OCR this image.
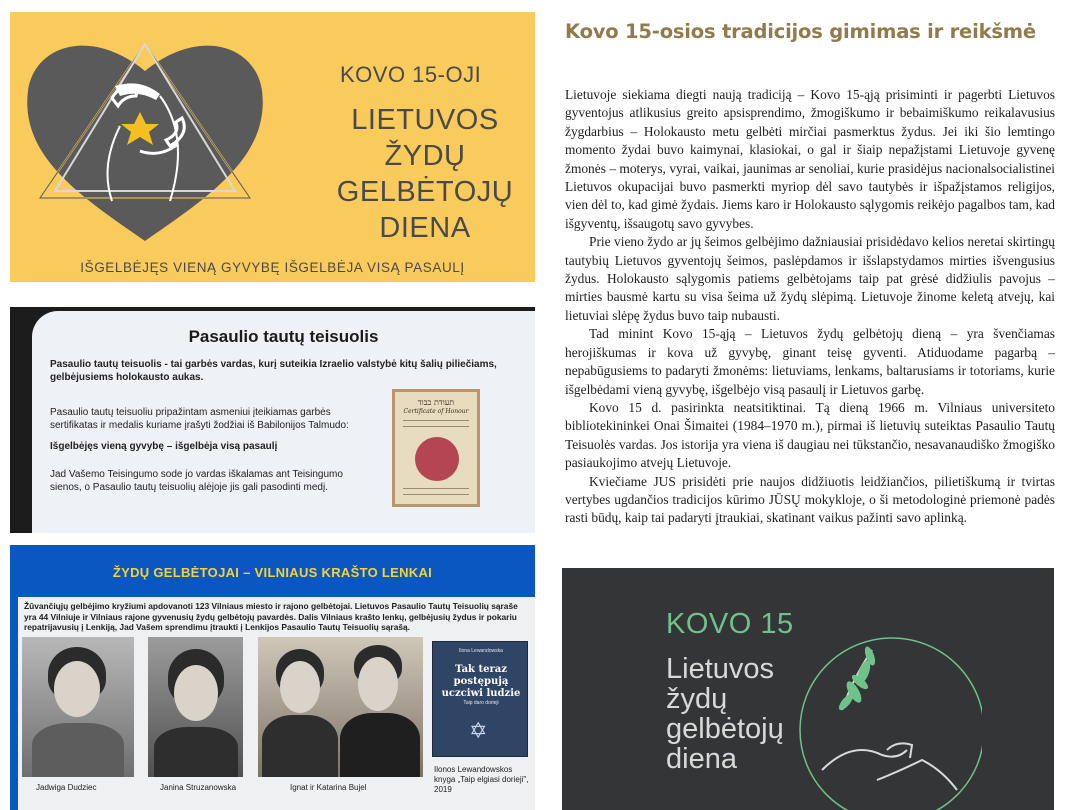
KOVO 15-OJI
LIETUVOS
ŽYDŲ GELBĖTOJŲ
DIENA
IŠGELBĖJĘS VIENĄ GYVYBĘ IŠGELBĖJA VISĄ PASAULĮ
Pasaulio tautų teisuolis
Pasaulio tautų teisuolis - tai garbės vardas, kurį suteikia Izraelio valstybė kitų šalių piliečiams, gelbėjusiems holokausto aukas.
Pasaulio tautų teisuoliu pripažintam asmeniui įteikiamas garbės sertifikatas ir medalis kuriame įrašyti žodžiai iš Babilonijos Talmudo:
Išgelbėjęs vieną gyvybę – išgelbėja visą pasaulį
Jad Vašemo Teisingumo sode jo vardas iškalamas ant Teisingumo sienos, o Pasaulio tautų teisuolių alėjoje jis gali pasodinti medį.
תעודת כבוד
Certificate of Honour
ŽYDŲ GELBĖTOJAI – VILNIAUS KRAŠTO LENKAI
Žūvančiųjų gelbėjimo kryžiumi apdovanoti 123 Vilniaus miesto ir rajono gelbėtojai. Lietuvos Pasaulio Tautų Teisuolių sąraše yra 44 Vilniuje ir Vilniaus rajone gyvenusių žydų gelbėtojų pavardės. Dalis Vilniaus krašto lenkų, gelbėjusių žydus ir pokariu repatrijavusių į Lenkiją, Jad Vašem sprendimu įtraukti į Lenkijos Pasaulio Tautų Teisuolių sąrašą.
Jadwiga Dudziec	Janina Struzanowska	Ignat ir Katarina Bujel
Ilona Lewandowska
Tak teraz postępują uczciwi ludzie
Taip daro dorieji
✡
Ilonos Lewandowskos knyga „Taip elgiasi dorieji", 2019
Kovo 15-osios tradicijos gimimas ir reikšmė

Lietuvoje siekiama diegti naują tradiciją – Kovo 15-ąją prisiminti ir pagerbti Lietuvos gyventojus atlikusius greito apsisprendimo, žmogiškumo ir bebaimiškumo reikalavusius žygdarbius – Holokausto metu gelbėti mirčiai pasmerktus žydus. Jei iki šio lemtingo momento žydai buvo kaimynai, klasiokai, o gal ir šiaip nepažįstami Lietuvoje gyvenę žmonės – moterys, vyrai, vaikai, jaunimas ar senoliai, kurie prasidėjus nacionalsocialistinei Lietuvos okupacijai buvo pasmerkti myriop dėl savo tautybės ir išpažįstamos religijos, vien dėl to, kad gimė žydais. Jiems karo ir Holokausto sąlygomis reikėjo pagalbos tam, kad išgyventų, išsaugotų savo gyvybes.

Prie vieno žydo ar jų šeimos gelbėjimo dažniausiai prisidėdavo kelios neretai skirtingų tautybių Lietuvos gyventojų šeimos, paslėpdamos ir išslapstydamos mirties išvengusius žydus. Holokausto sąlygomis patiems gelbėtojams taip pat grėsė didžiulis pavojus – mirties bausmė kartu su visa šeima už žydų slėpimą. Lietuvoje žinome keletą atvejų, kai lietuviai slėpę žydus buvo taip nubausti.

Tad minint Kovo 15-ąją – Lietuvos žydų gelbėtojų dieną – yra švenčiamas herojiškumas ir kova už gyvybę, ginant teisę gyventi. Atiduodame pagarbą – nepabūgusiems to padaryti žmonėms: lietuviams, lenkams, baltarusiams ir totoriams, kurie išgelbėdami vieną gyvybę, išgelbėjo visą pasaulį ir Lietuvos garbę.

Kovo 15 d. pasirinkta neatsitiktinai. Tą dieną 1966 m. Vilniaus universiteto bibliotekininkei Onai Šimaitei (1984–1970 m.), pirmai iš lietuvių suteiktas Pasaulio Tautų Teisuolės vardas. Jos istorija yra viena iš daugiau nei tūkstančio, nesavanaudiško žmogiško pasiaukojimo atvejų Lietuvoje.

Kviečiame JUS prisidėti prie naujos didžiuotis leidžiančios, pilietiškumą ir tvirtas vertybes ugdančios tradicijos kūrimo JŪSŲ mokykloje, o ši metodologinė priemonė padės rasti būdų, kaip tai padaryti įtraukiai, skatinant vaikus pažinti savo aplinką.

KOVO 15
Lietuvos
žydų
gelbėtojų
diena
